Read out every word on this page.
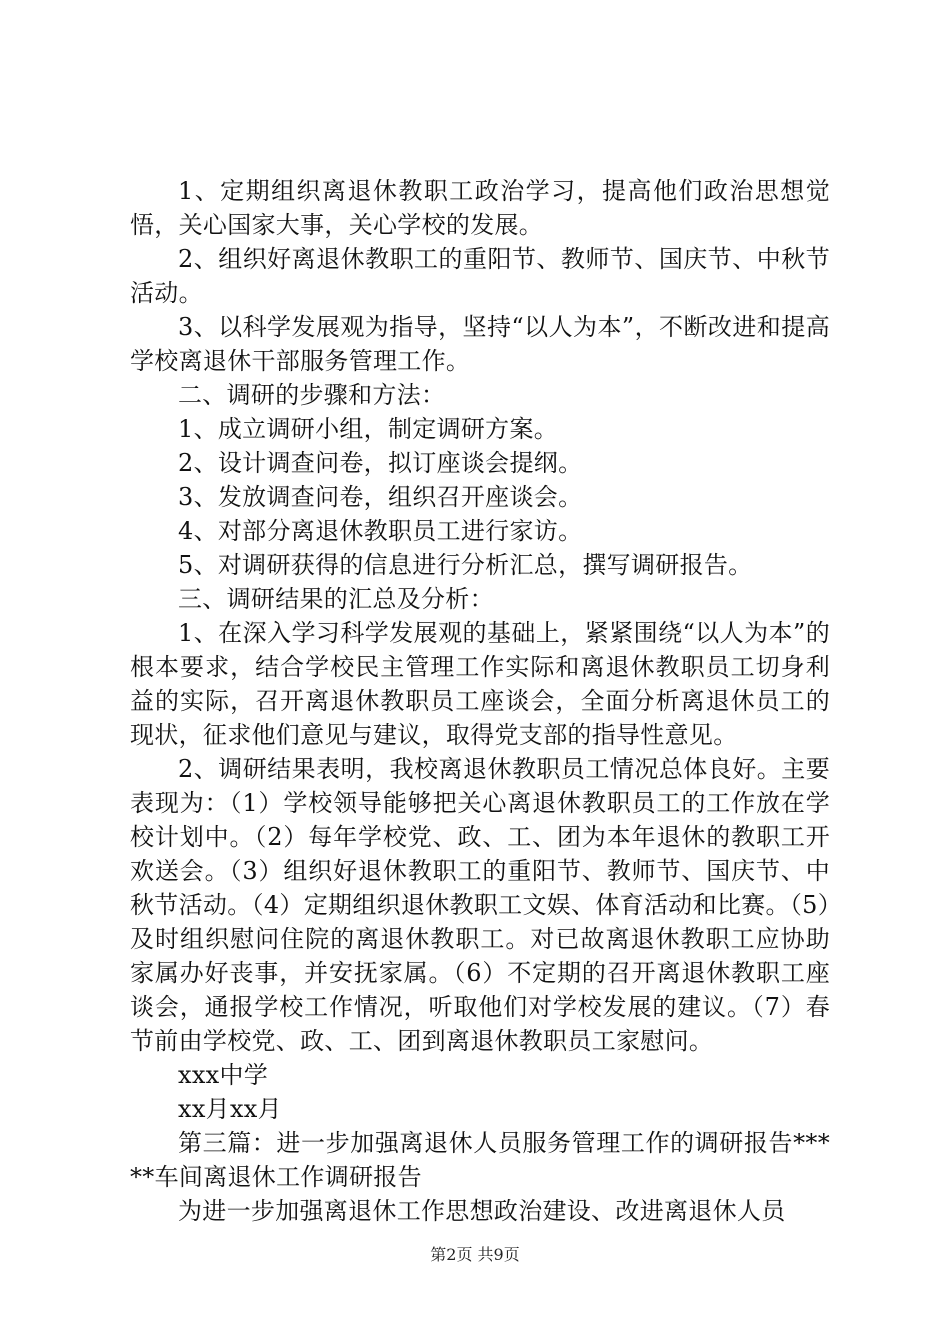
1、定期组织离退休教职工政治学习，提高他们政治思想觉悟，关心国家大事，关心学校的发展。

2、组织好离退休教职工的重阳节、教师节、国庆节、中秋节活动。

3、以科学发展观为指导，坚持“以人为本”，不断改进和提高学校离退休干部服务管理工作。

二、调研的步骤和方法：

1、成立调研小组，制定调研方案。

2、设计调查问卷，拟订座谈会提纲。

3、发放调查问卷，组织召开座谈会。

4、对部分离退休教职员工进行家访。

5、对调研获得的信息进行分析汇总，撰写调研报告。

三、调研结果的汇总及分析：

1、在深入学习科学发展观的基础上，紧紧围绕“以人为本”的根本要求，结合学校民主管理工作实际和离退休教职员工切身利益的实际，召开离退休教职员工座谈会，全面分析离退休员工的现状，征求他们意见与建议，取得党支部的指导性意见。

2、调研结果表明，我校离退休教职员工情况总体良好。主要表现为：（1）学校领导能够把关心离退休教职员工的工作放在学校计划中。（2）每年学校党、政、工、团为本年退休的教职工开欢送会。（3）组织好退休教职工的重阳节、教师节、国庆节、中秋节活动。（4）定期组织退休教职工文娱、体育活动和比赛。（5）及时组织慰问住院的离退休教职工。对已故离退休教职工应协助家属办好丧事，并安抚家属。（6）不定期的召开离退休教职工座谈会，通报学校工作情况，听取他们对学校发展的建议。（7）春节前由学校党、政、工、团到离退休教职员工家慰问。

xxx中学

xx月xx月

第三篇：进一步加强离退休人员服务管理工作的调研报告*****车间离退休工作调研报告

为进一步加强离退休工作思想政治建设、改进离退休人员

第2页 共9页
